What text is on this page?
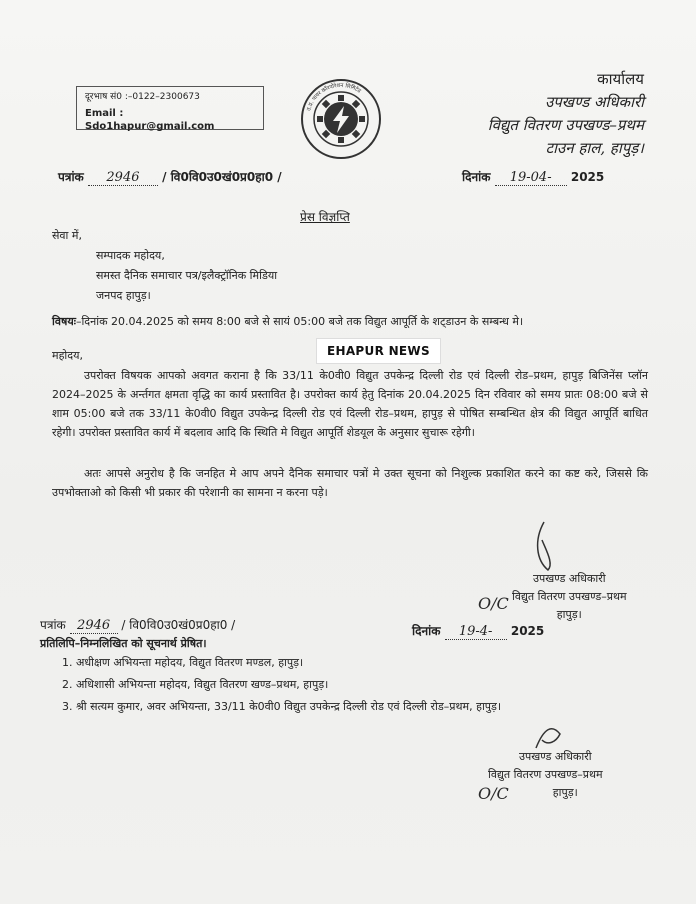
दूरभाष सं0 :–0122–2300673
Email : Sdo1hapur@gmail.com
उ.प्र. पावर कॉरपोरेशन लिमिटेड
कार्यालय
उपखण्ड अधिकारी
विद्युत वितरण उपखण्ड–प्रथम
टाउन हाल, हापुड़।
पत्रांक 2946 / वि0वि0उ0खं0प्र0हा0 /	दिनांक 19-04- 2025
प्रेस विज्ञप्ति
सेवा में,
सम्पादक महोदय,
समस्त दैनिक समाचार पत्र/इलैक्ट्रॉनिक मिडिया
जनपद हापुड़।
विषयः–दिनांक 20.04.2025 को समय 8:00 बजे से सायं 05:00 बजे तक विद्युत आपूर्ति के शट्डाउन के सम्बन्ध मे।
महोदय,	EHAPUR NEWS
उपरोक्त विषयक आपको अवगत कराना है कि 33/11 के0वी0 विद्युत उपकेन्द्र दिल्ली रोड एवं दिल्ली रोड–प्रथम, हापुड़ बिजिनेंस प्लॉन 2024–2025 के अर्न्तगत क्षमता वृद्धि का कार्य प्रस्तावित है। उपरोक्त कार्य हेतु दिनांक 20.04.2025 दिन रविवार को समय प्रातः 08:00 बजे से शाम 05:00 बजे तक 33/11 के0वी0 विद्युत उपकेन्द्र दिल्ली रोड एवं दिल्ली रोड–प्रथम, हापुड़ से पोषित सम्बन्धित क्षेत्र की विद्युत आपूर्ति बाधित रहेगी। उपरोक्त प्रस्तावित कार्य में बदलाव आदि कि स्थिति मे विद्युत आपूर्ति शेडयूल के अनुसार सुचारू रहेगी।
अतः आपसे अनुरोध है कि जनहित मे आप अपने दैनिक समाचार पत्रों मे उक्त सूचना को निशुल्क प्रकाशित करने का कष्ट करे, जिससे कि उपभोक्ताओ को किसी भी प्रकार की परेशानी का सामना न करना पड़े।
उपखण्ड अधिकारी
विद्युत वितरण उपखण्ड–प्रथम
हापुड़।
O/C
पत्रांक 2946 / वि0वि0उ0खं0प्र0हा0 /	दिनांक 19-4- 2025
प्रतिलिपि–निम्नलिखित को सूचनार्थ प्रेषित।
1. अधीक्षण अभियन्ता महोदय, विद्युत वितरण मण्डल, हापुड़।
2. अधिशासी अभियन्ता महोदय, विद्युत वितरण खण्ड–प्रथम, हापुड़।
3. श्री सत्यम कुमार, अवर अभियन्ता, 33/11 के0वी0 विद्युत उपकेन्द्र दिल्ली रोड एवं दिल्ली रोड–प्रथम, हापुड़।
उपखण्ड अधिकारी
विद्युत वितरण उपखण्ड–प्रथम
हापुड़।
O/C
